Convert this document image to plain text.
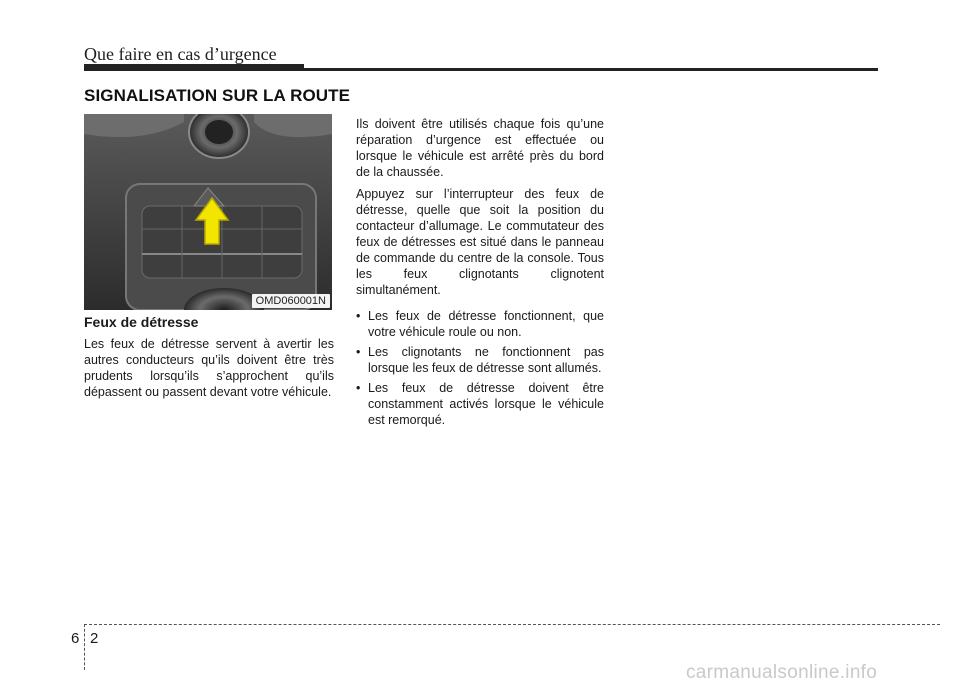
Que faire en cas d’urgence
SIGNALISATION SUR LA ROUTE
OMD060001N
Feux de détresse

Les feux de détresse servent à avertir les autres conducteurs qu’ils doivent être très prudents lorsqu’ils s’approchent qu’ils dépassent ou passent devant votre véhicule.

Ils doivent être utilisés chaque fois qu’une réparation d’urgence est effectuée ou lorsque le véhicule est arrêté près du bord de la chaussée.

Appuyez sur l’interrupteur des feux de détresse, quelle que soit la position du contacteur d’allumage. Le commutateur des feux de détresses est situé dans le panneau de commande du centre de la console. Tous les feux clignotants clignotent simultanément.

• Les feux de détresse fonctionnent, que votre véhicule roule ou non.
• Les clignotants ne fonctionnent pas lorsque les feux de détresse sont allumés.
• Les feux de détresse doivent être constamment activés lorsque le véhicule est remorqué.
6 2
carmanualsonline.info
